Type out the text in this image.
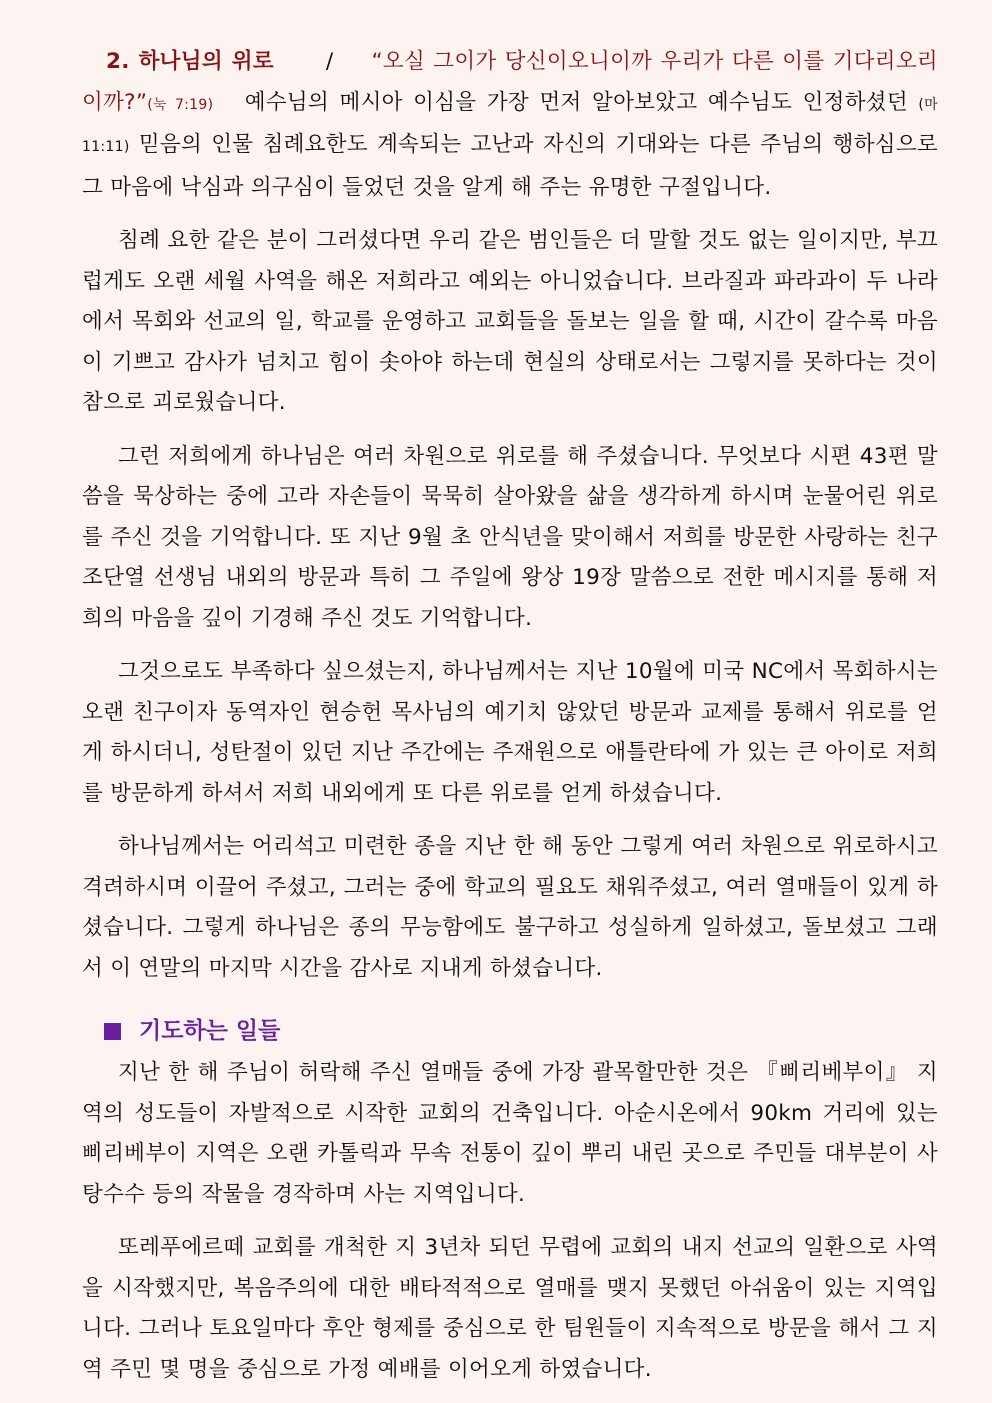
2. 하나님의 위로 / “오실 그이가 당신이오니이까 우리가 다른 이를 기다리오리이까?”(눅 7:19) 예수님의 메시아 이심을 가장 먼저 알아보았고 예수님도 인정하셨던 (마 11:11) 믿음의 인물 침례요한도 계속되는 고난과 자신의 기대와는 다른 주님의 행하심으로 그 마음에 낙심과 의구심이 들었던 것을 알게 해 주는 유명한 구절입니다.

침례 요한 같은 분이 그러셨다면 우리 같은 범인들은 더 말할 것도 없는 일이지만, 부끄럽게도 오랜 세월 사역을 해온 저희라고 예외는 아니었습니다. 브라질과 파라과이 두 나라에서 목회와 선교의 일, 학교를 운영하고 교회들을 돌보는 일을 할 때, 시간이 갈수록 마음이 기쁘고 감사가 넘치고 힘이 솟아야 하는데 현실의 상태로서는 그렇지를 못하다는 것이 참으로 괴로웠습니다.

그런 저희에게 하나님은 여러 차원으로 위로를 해 주셨습니다. 무엇보다 시편 43편 말씀을 묵상하는 중에 고라 자손들이 묵묵히 살아왔을 삶을 생각하게 하시며 눈물어린 위로를 주신 것을 기억합니다. 또 지난 9월 초 안식년을 맞이해서 저희를 방문한 사랑하는 친구 조단열 선생님 내외의 방문과 특히 그 주일에 왕상 19장 말씀으로 전한 메시지를 통해 저희의 마음을 깊이 기경해 주신 것도 기억합니다.

그것으로도 부족하다 싶으셨는지, 하나님께서는 지난 10월에 미국 NC에서 목회하시는 오랜 친구이자 동역자인 현승헌 목사님의 예기치 않았던 방문과 교제를 통해서 위로를 얻게 하시더니, 성탄절이 있던 지난 주간에는 주재원으로 애틀란타에 가 있는 큰 아이로 저희를 방문하게 하셔서 저희 내외에게 또 다른 위로를 얻게 하셨습니다.

하나님께서는 어리석고 미련한 종을 지난 한 해 동안 그렇게 여러 차원으로 위로하시고 격려하시며 이끌어 주셨고, 그러는 중에 학교의 필요도 채워주셨고, 여러 열매들이 있게 하셨습니다. 그렇게 하나님은 종의 무능함에도 불구하고 성실하게 일하셨고, 돌보셨고 그래서 이 연말의 마지막 시간을 감사로 지내게 하셨습니다.

기도하는 일들

지난 한 해 주님이 허락해 주신 열매들 중에 가장 괄목할만한 것은 『삐리베부이』 지역의 성도들이 자발적으로 시작한 교회의 건축입니다. 아순시온에서 90km 거리에 있는 삐리베부이 지역은 오랜 카톨릭과 무속 전통이 깊이 뿌리 내린 곳으로 주민들 대부분이 사탕수수 등의 작물을 경작하며 사는 지역입니다.

또레푸에르떼 교회를 개척한 지 3년차 되던 무렵에 교회의 내지 선교의 일환으로 사역을 시작했지만, 복음주의에 대한 배타적적으로 열매를 맺지 못했던 아쉬움이 있는 지역입니다. 그러나 토요일마다 후안 형제를 중심으로 한 팀원들이 지속적으로 방문을 해서 그 지역 주민 몇 명을 중심으로 가정 예배를 이어오게 하였습니다.
